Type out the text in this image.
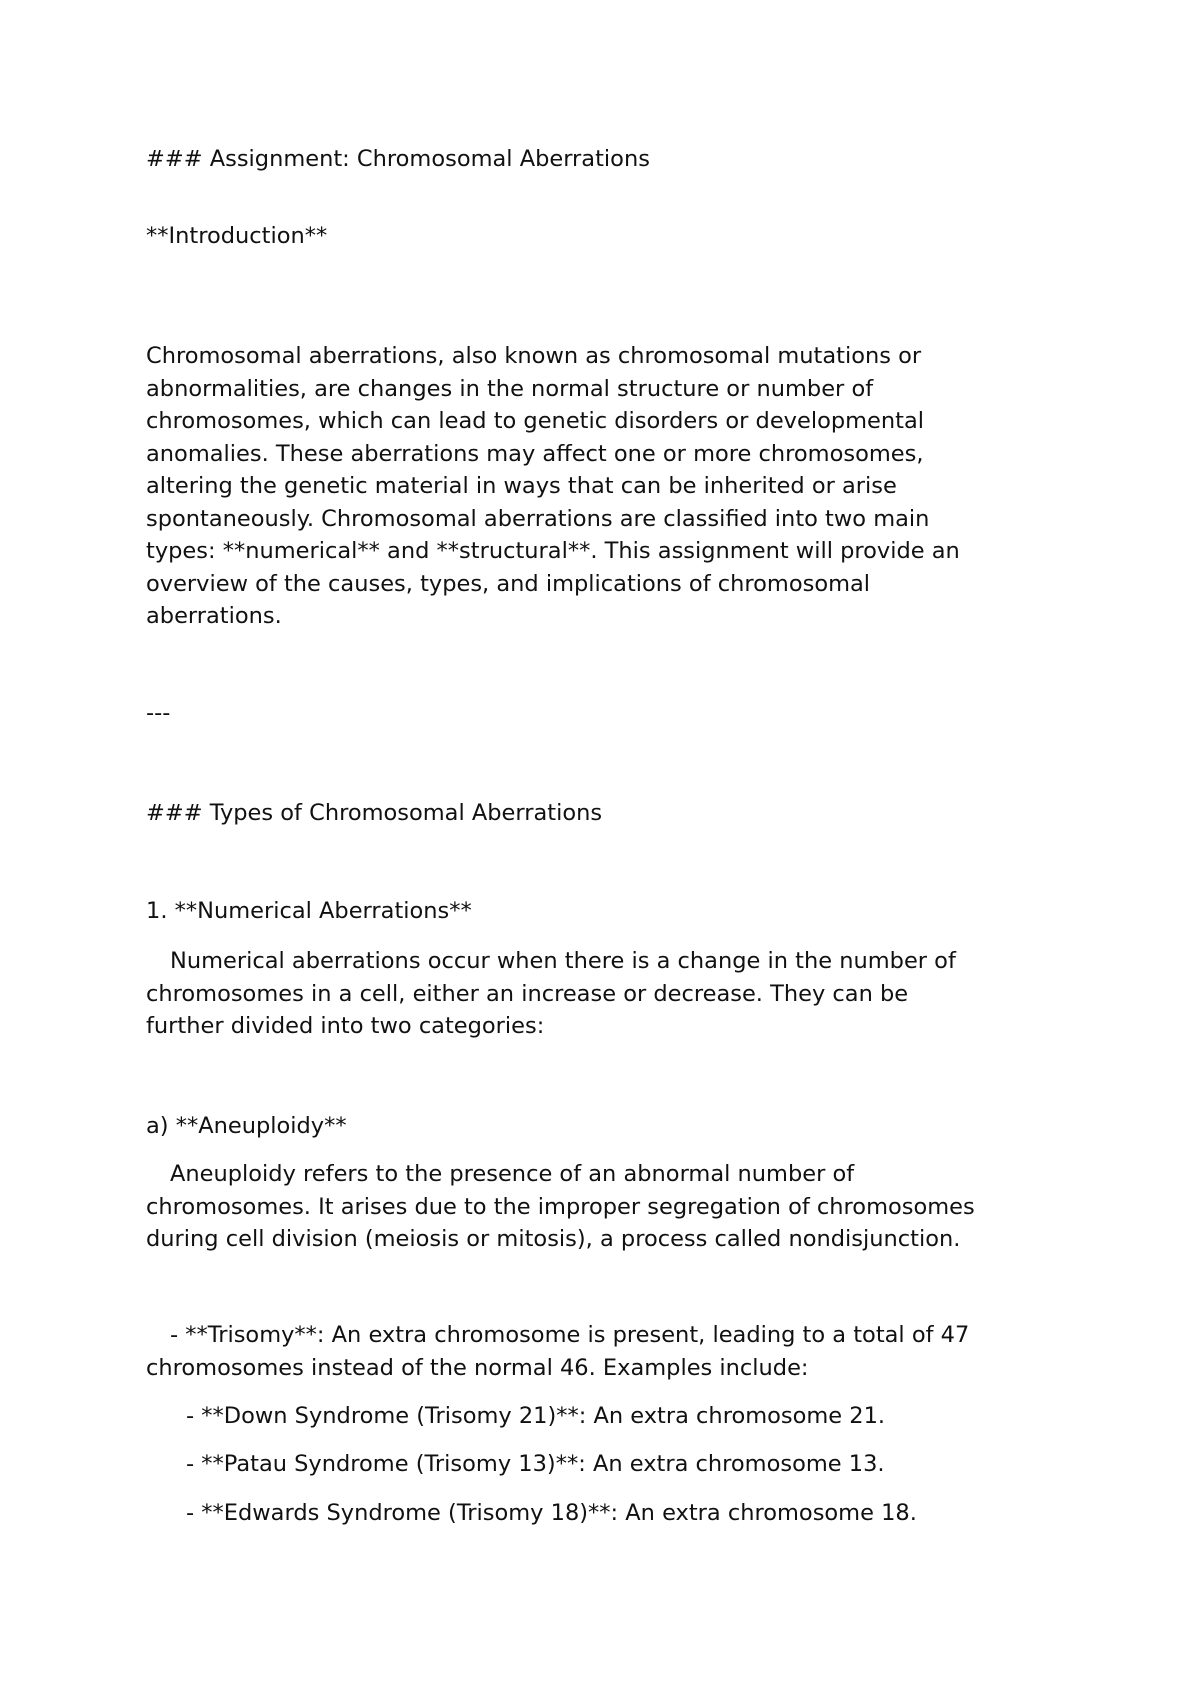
### Assignment: Chromosomal Aberrations

**Introduction**

Chromosomal aberrations, also known as chromosomal mutations or

abnormalities, are changes in the normal structure or number of

chromosomes, which can lead to genetic disorders or developmental

anomalies. These aberrations may affect one or more chromosomes,

altering the genetic material in ways that can be inherited or arise

spontaneously. Chromosomal aberrations are classified into two main

types: **numerical** and **structural**. This assignment will provide an

overview of the causes, types, and implications of chromosomal

aberrations.

---

### Types of Chromosomal Aberrations

1. **Numerical Aberrations**

Numerical aberrations occur when there is a change in the number of

chromosomes in a cell, either an increase or decrease. They can be

further divided into two categories:

a) **Aneuploidy**

Aneuploidy refers to the presence of an abnormal number of

chromosomes. It arises due to the improper segregation of chromosomes

during cell division (meiosis or mitosis), a process called nondisjunction.

- **Trisomy**: An extra chromosome is present, leading to a total of 47

chromosomes instead of the normal 46. Examples include:

- **Down Syndrome (Trisomy 21)**: An extra chromosome 21.

- **Patau Syndrome (Trisomy 13)**: An extra chromosome 13.

- **Edwards Syndrome (Trisomy 18)**: An extra chromosome 18.
